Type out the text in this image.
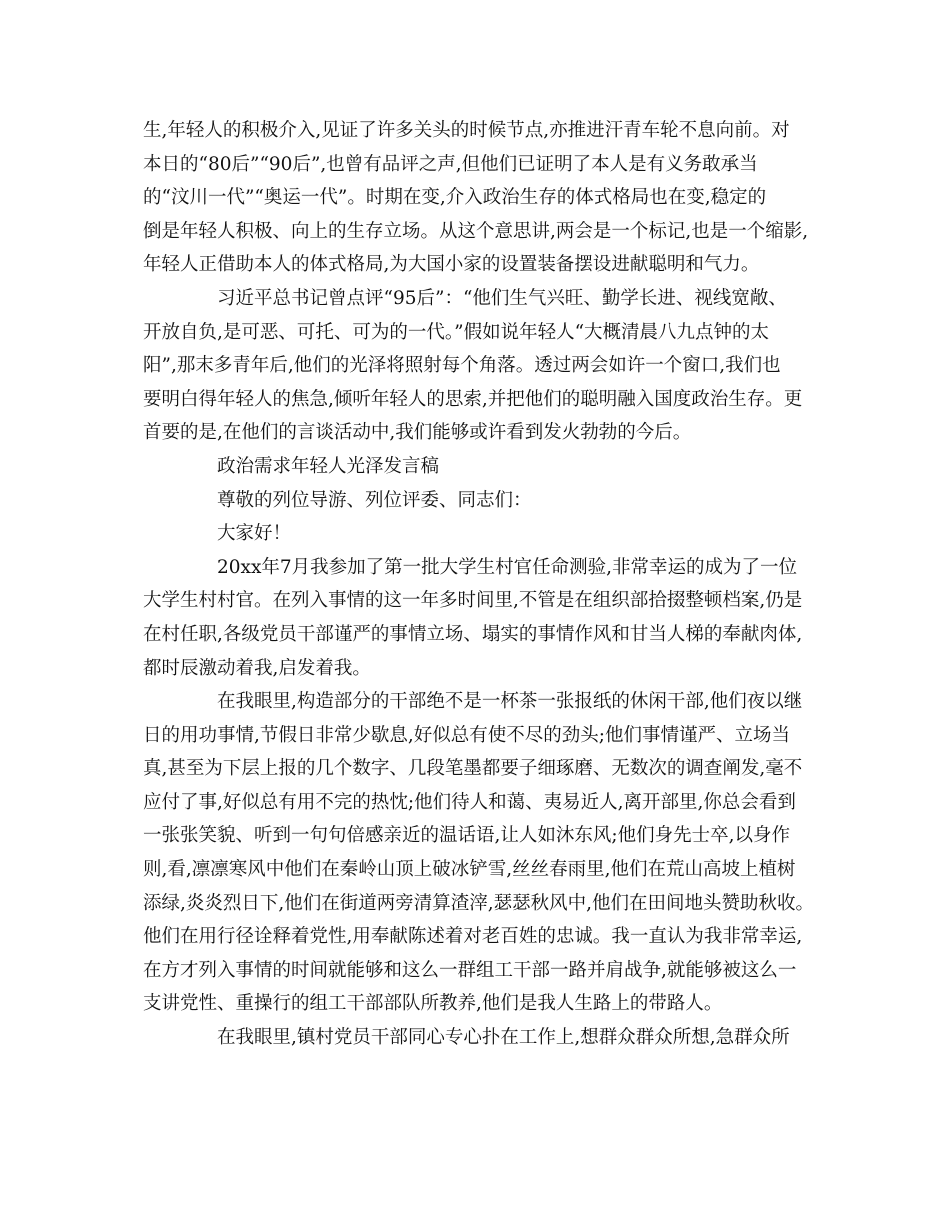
生,年轻人的积极介入,见证了许多关头的时候节点,亦推进汗青车轮不息向前。对
本日的“80后”“90后”,也曾有品评之声,但他们已证明了本人是有义务敢承当
的“汶川一代”“奥运一代”。时期在变,介入政治生存的体式格局也在变,稳定的
倒是年轻人积极、向上的生存立场。从这个意思讲,两会是一个标记,也是一个缩影,
年轻人正借助本人的体式格局,为大国小家的设置装备摆设进献聪明和气力。
习近平总书记曾点评“95后”：“他们生气兴旺、勤学长进、视线宽敞、
开放自负,是可恶、可托、可为的一代。”假如说年轻人“大概清晨八九点钟的太
阳”,那末多青年后,他们的光泽将照射每个角落。透过两会如许一个窗口,我们也
要明白得年轻人的焦急,倾听年轻人的思索,并把他们的聪明融入国度政治生存。更
首要的是,在他们的言谈活动中,我们能够或许看到发火勃勃的今后。
政治需求年轻人光泽发言稿
尊敬的列位导游、列位评委、同志们：
大家好！
20xx年7月我参加了第一批大学生村官任命测验,非常幸运的成为了一位
大学生村村官。在列入事情的这一年多时间里,不管是在组织部拾掇整顿档案,仍是
在村任职,各级党员干部谨严的事情立场、塌实的事情作风和甘当人梯的奉献肉体,
都时辰激动着我,启发着我。
在我眼里,构造部分的干部绝不是一杯茶一张报纸的休闲干部,他们夜以继
日的用功事情,节假日非常少歇息,好似总有使不尽的劲头;他们事情谨严、立场当
真,甚至为下层上报的几个数字、几段笔墨都要子细琢磨、无数次的调查阐发,毫不
应付了事,好似总有用不完的热忱;他们待人和蔼、夷易近人,离开部里,你总会看到
一张张笑貌、听到一句句倍感亲近的温话语,让人如沐东风;他们身先士卒,以身作
则,看,凛凛寒风中他们在秦岭山顶上破冰铲雪,丝丝春雨里,他们在荒山高坡上植树
添绿,炎炎烈日下,他们在街道两旁清算渣滓,瑟瑟秋风中,他们在田间地头赞助秋收。
他们在用行径诠释着党性,用奉献陈述着对老百姓的忠诚。我一直认为我非常幸运,
在方才列入事情的时间就能够和这么一群组工干部一路并肩战争,就能够被这么一
支讲党性、重操行的组工干部部队所教养,他们是我人生路上的带路人。
在我眼里,镇村党员干部同心专心扑在工作上,想群众群众所想,急群众所
